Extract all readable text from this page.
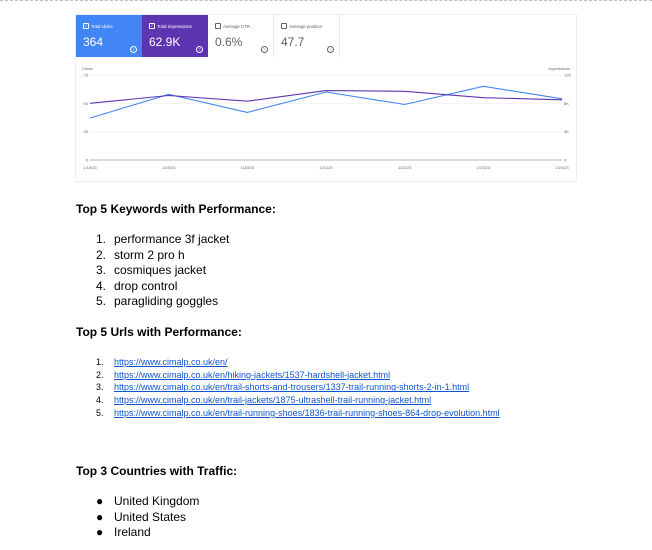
✓ Total clicks
364
?
✓ Total impressions
62.9K
?
Average CTR
0.6%
?
Average position
47.7
?
Clicks	Impressions
75	12K
50	8K
25	4K
0	0
1/18/23	1/19/23	1/20/23	1/21/23	1/22/23	1/23/23	1/24/23

Top 5 Keywords with Performance:

1. performance 3f jacket
2. storm 2 pro h
3. cosmiques jacket
4. drop control
5. paragliding goggles

Top 5 Urls with Performance:

1. https://www.cimalp.co.uk/en/
2. https://www.cimalp.co.uk/en/hiking-jackets/1537-hardshell-jacket.html
3. https://www.cimalp.co.uk/en/trail-shorts-and-trousers/1337-trail-running-shorts-2-in-1.html
4. https://www.cimalp.co.uk/en/trail-jackets/1875-ultrashell-trail-running-jacket.html
5. https://www.cimalp.co.uk/en/trail-running-shoes/1836-trail-running-shoes-864-drop-evolution.html

Top 3 Countries with Traffic:

● United Kingdom
● United States
● Ireland
